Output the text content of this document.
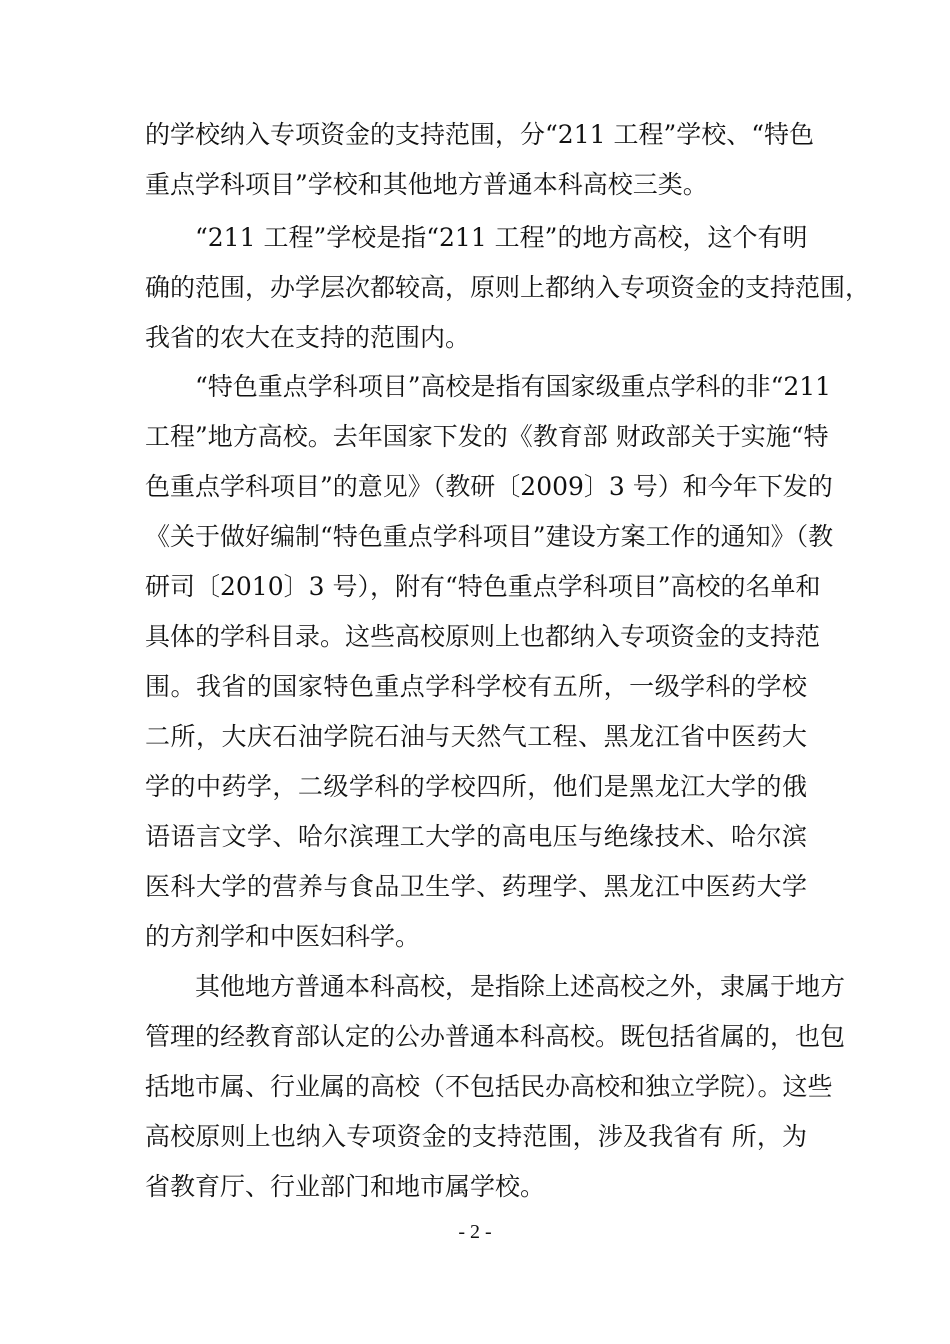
的学校纳入专项资金的支持范围，分“211 工程”学校、“特色
重点学科项目”学校和其他地方普通本科高校三类。
“211 工程”学校是指“211 工程”的地方高校，这个有明
确的范围，办学层次都较高，原则上都纳入专项资金的支持范围，
我省的农大在支持的范围内。
“特色重点学科项目”高校是指有国家级重点学科的非“211
工程”地方高校。去年国家下发的《教育部 财政部关于实施“特
色重点学科项目”的意见》（教研〔2009〕3 号）和今年下发的
《关于做好编制“特色重点学科项目”建设方案工作的通知》（教
研司〔2010〕3 号），附有“特色重点学科项目”高校的名单和
具体的学科目录。这些高校原则上也都纳入专项资金的支持范
围。我省的国家特色重点学科学校有五所，一级学科的学校
二所，大庆石油学院石油与天然气工程、黑龙江省中医药大
学的中药学，二级学科的学校四所，他们是黑龙江大学的俄
语语言文学、哈尔滨理工大学的高电压与绝缘技术、哈尔滨
医科大学的营养与食品卫生学、药理学、黑龙江中医药大学
的方剂学和中医妇科学。
其他地方普通本科高校，是指除上述高校之外，隶属于地方
管理的经教育部认定的公办普通本科高校。既包括省属的，也包
括地市属、行业属的高校（不包括民办高校和独立学院）。这些
高校原则上也纳入专项资金的支持范围，涉及我省有 所，为
省教育厅、行业部门和地市属学校。
- 2 -
